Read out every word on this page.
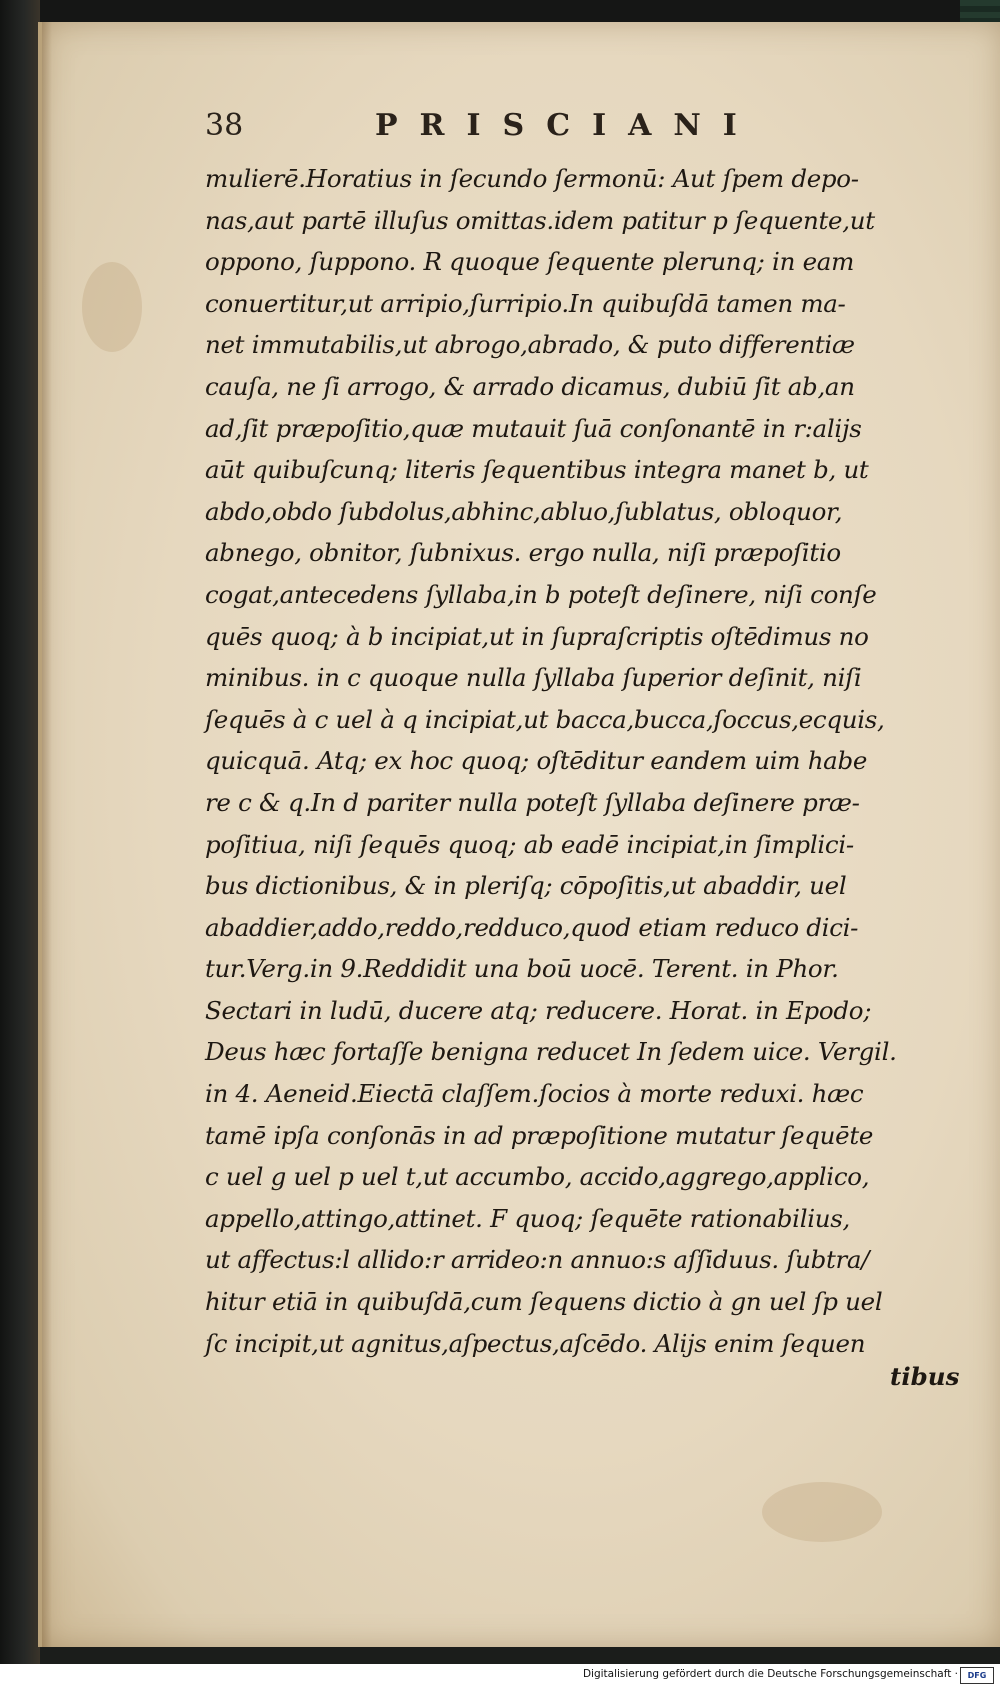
38	PRISCIANI
mulierē.Horatius in ſecundo ſermonū: Aut ſpem depo-
nas,aut partē illuſus omittas.idem patitur p ſequente,ut
oppono, ſuppono. R quoque ſequente plerunq; in eam
conuertitur,ut arripio,ſurripio.In quibuſdā tamen ma-
net immutabilis,ut abrogo,abrado, & puto differentiæ
cauſa, ne ſi arrogo, & arrado dicamus, dubiū ſit ab,an
ad,ſit præpoſitio,quæ mutauit ſuā conſonantē in r:alijs
aūt quibuſcunq; literis ſequentibus integra manet b, ut
abdo,obdo ſubdolus,abhinc,abluo,ſublatus, obloquor,
abnego, obnitor, ſubnixus. ergo nulla, niſi præpoſitio
cogat,antecedens ſyllaba,in b poteſt deſinere, niſi conſe
quēs quoq; à b incipiat,ut in ſupraſcriptis oſtēdimus no
minibus. in c quoque nulla ſyllaba ſuperior deſinit, niſi
ſequēs à c uel à q incipiat,ut bacca,bucca,ſoccus,ecquis,
quicquā. Atq; ex hoc quoq; oſtēditur eandem uim habe
re c & q.In d pariter nulla poteſt ſyllaba deſinere præ-
poſitiua, niſi ſequēs quoq; ab eadē incipiat,in ſimplici-
bus dictionibus, & in pleriſq; cōpoſitis,ut abaddir, uel
abaddier,addo,reddo,redduco,quod etiam reduco dici-
tur.Verg.in 9.Reddidit una boū uocē. Terent. in Phor.
Sectari in ludū, ducere atq; reducere. Horat. in Epodo;
Deus hæc fortaſſe benigna reducet In ſedem uice. Vergil.
in 4. Aeneid.Eiectā claſſem.ſocios à morte reduxi. hæc
tamē ipſa conſonās in ad præpoſitione mutatur ſequēte
c uel g uel p uel t,ut accumbo, accido,aggrego,applico,
appello,attingo,attinet. F quoq; ſequēte rationabilius,
ut affectus:l allido:r arrideo:n annuo:s aſſiduus. ſubtra/
hitur etiā in quibuſdā,cum ſequens dictio à gn uel ſp uel
ſc incipit,ut agnitus,aſpectus,aſcēdo. Alijs enim ſequen
tibus
Digitalisierung gefördert durch die Deutsche Forschungsgemeinschaft ·	DFG
